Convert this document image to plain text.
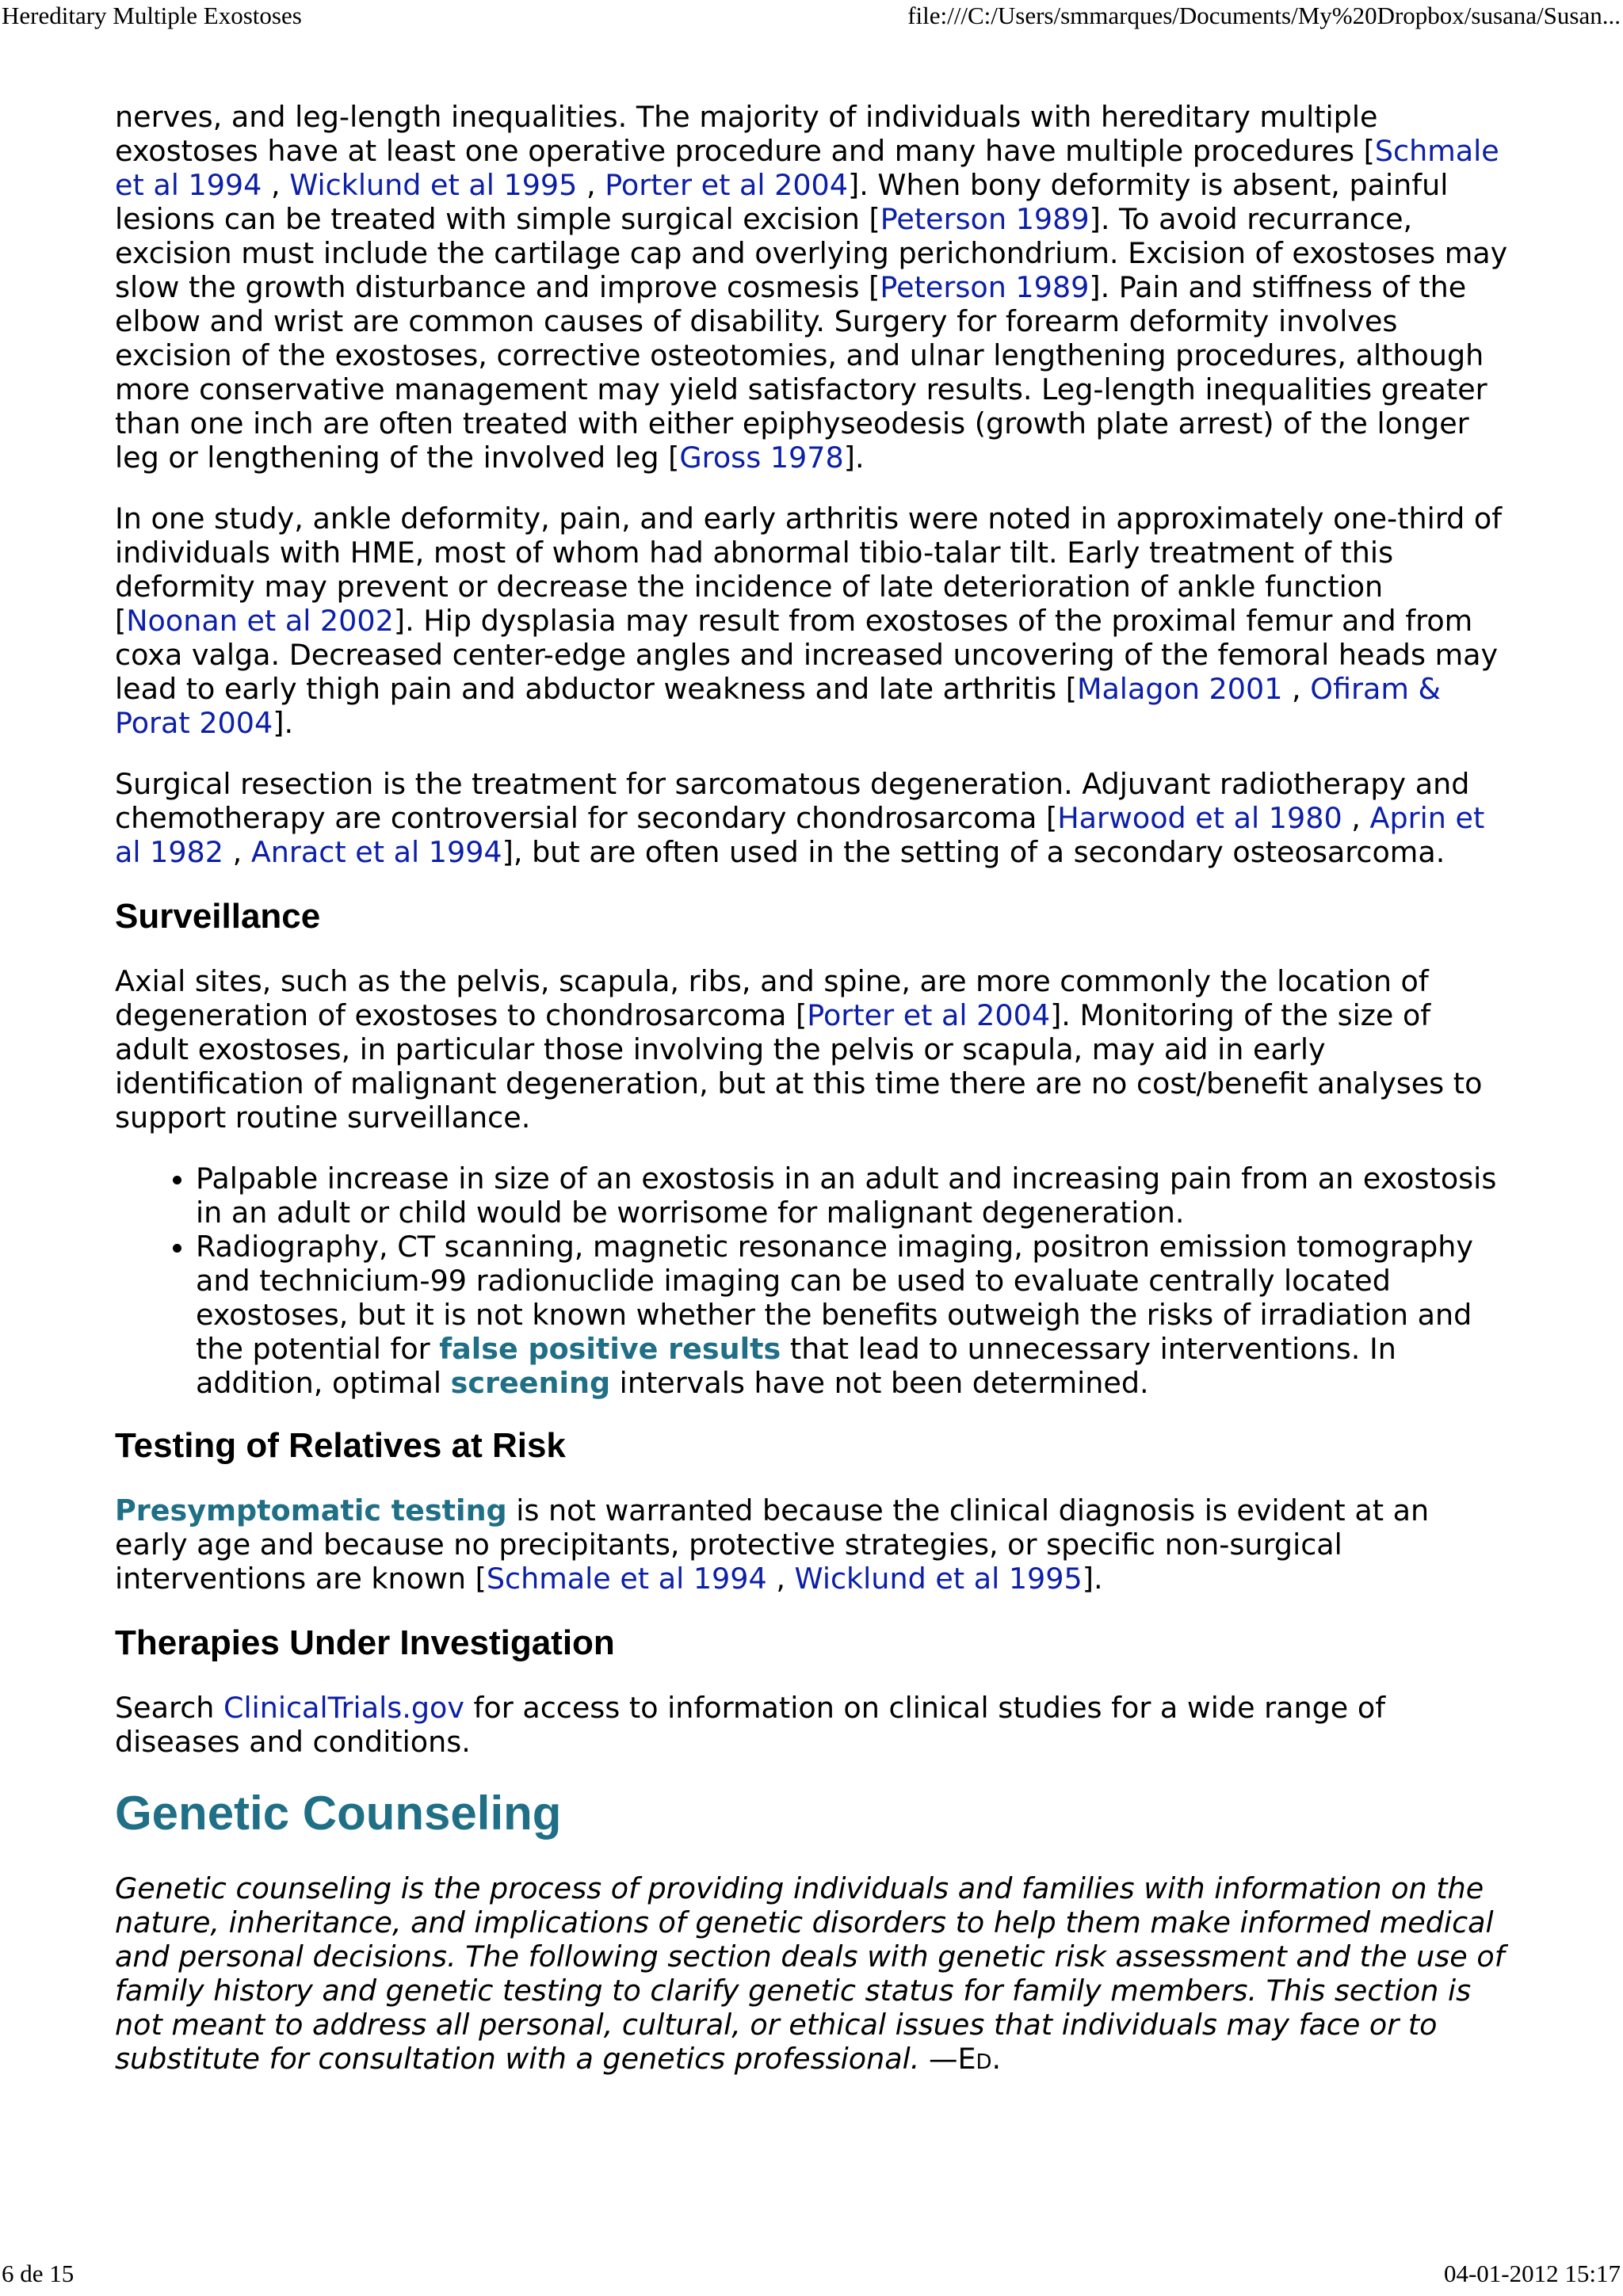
Hereditary Multiple Exostoses	file:///C:/Users/smmarques/Documents/My%20Dropbox/susana/Susan...

nerves, and leg-length inequalities. The majority of individuals with hereditary multiple exostoses have at least one operative procedure and many have multiple procedures [Schmale et al 1994 , Wicklund et al 1995 , Porter et al 2004]. When bony deformity is absent, painful lesions can be treated with simple surgical excision [Peterson 1989]. To avoid recurrance, excision must include the cartilage cap and overlying perichondrium. Excision of exostoses may slow the growth disturbance and improve cosmesis [Peterson 1989]. Pain and stiffness of the elbow and wrist are common causes of disability. Surgery for forearm deformity involves excision of the exostoses, corrective osteotomies, and ulnar lengthening procedures, although more conservative management may yield satisfactory results. Leg-length inequalities greater than one inch are often treated with either epiphyseodesis (growth plate arrest) of the longer leg or lengthening of the involved leg [Gross 1978].

In one study, ankle deformity, pain, and early arthritis were noted in approximately one-third of individuals with HME, most of whom had abnormal tibio-talar tilt. Early treatment of this deformity may prevent or decrease the incidence of late deterioration of ankle function [Noonan et al 2002]. Hip dysplasia may result from exostoses of the proximal femur and from coxa valga. Decreased center-edge angles and increased uncovering of the femoral heads may lead to early thigh pain and abductor weakness and late arthritis [Malagon 2001 , Ofiram & Porat 2004].

Surgical resection is the treatment for sarcomatous degeneration. Adjuvant radiotherapy and chemotherapy are controversial for secondary chondrosarcoma [Harwood et al 1980 , Aprin et al 1982 , Anract et al 1994], but are often used in the setting of a secondary osteosarcoma.

Surveillance

Axial sites, such as the pelvis, scapula, ribs, and spine, are more commonly the location of degeneration of exostoses to chondrosarcoma [Porter et al 2004]. Monitoring of the size of adult exostoses, in particular those involving the pelvis or scapula, may aid in early identification of malignant degeneration, but at this time there are no cost/benefit analyses to support routine surveillance.

• Palpable increase in size of an exostosis in an adult and increasing pain from an exostosis in an adult or child would be worrisome for malignant degeneration.
• Radiography, CT scanning, magnetic resonance imaging, positron emission tomography and technicium-99 radionuclide imaging can be used to evaluate centrally located exostoses, but it is not known whether the benefits outweigh the risks of irradiation and the potential for false positive results that lead to unnecessary interventions. In addition, optimal screening intervals have not been determined.
Testing of Relatives at Risk

Presymptomatic testing is not warranted because the clinical diagnosis is evident at an early age and because no precipitants, protective strategies, or specific non-surgical interventions are known [Schmale et al 1994 , Wicklund et al 1995].

Therapies Under Investigation

Search ClinicalTrials.gov for access to information on clinical studies for a wide range of diseases and conditions.

Genetic Counseling

Genetic counseling is the process of providing individuals and families with information on the nature, inheritance, and implications of genetic disorders to help them make informed medical and personal decisions. The following section deals with genetic risk assessment and the use of family history and genetic testing to clarify genetic status for family members. This section is not meant to address all personal, cultural, or ethical issues that individuals may face or to substitute for consultation with a genetics professional. —Ed.

6 de 15	04-01-2012 15:17
